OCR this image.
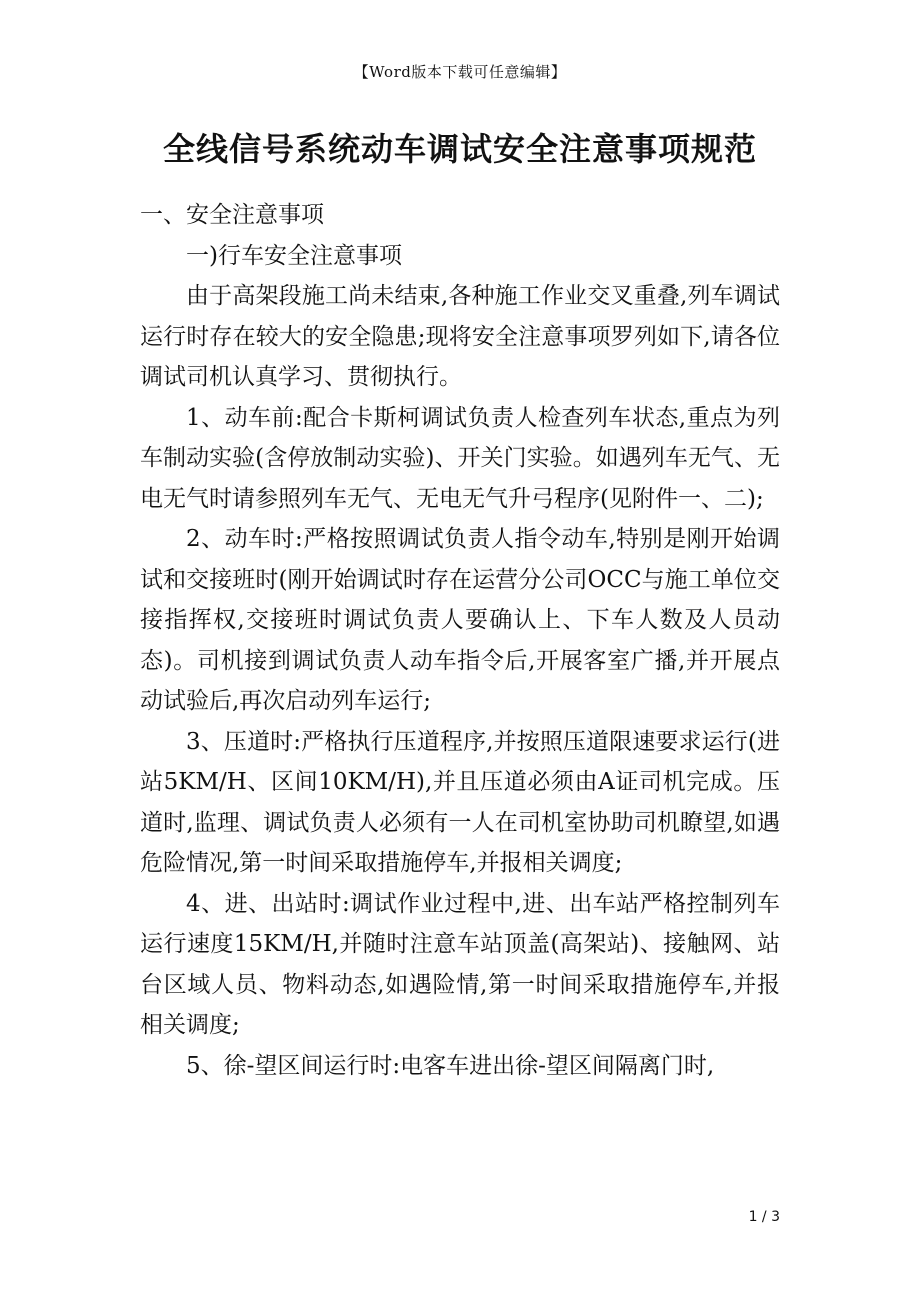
【Word版本下载可任意编辑】
全线信号系统动车调试安全注意事项规范

一、安全注意事项

一)行车安全注意事项

由于高架段施工尚未结束,各种施工作业交叉重叠,列车调试运行时存在较大的安全隐患;现将安全注意事项罗列如下,请各位调试司机认真学习、贯彻执行。

1、动车前:配合卡斯柯调试负责人检查列车状态,重点为列车制动实验(含停放制动实验)、开关门实验。如遇列车无气、无电无气时请参照列车无气、无电无气升弓程序(见附件一、二);

2、动车时:严格按照调试负责人指令动车,特别是刚开始调试和交接班时(刚开始调试时存在运营分公司OCC与施工单位交接指挥权,交接班时调试负责人要确认上、下车人数及人员动态)。司机接到调试负责人动车指令后,开展客室广播,并开展点动试验后,再次启动列车运行;

3、压道时:严格执行压道程序,并按照压道限速要求运行(进站5KM/H、区间10KM/H),并且压道必须由A证司机完成。压道时,监理、调试负责人必须有一人在司机室协助司机瞭望,如遇危险情况,第一时间采取措施停车,并报相关调度;

4、进、出站时:调试作业过程中,进、出车站严格控制列车运行速度15KM/H,并随时注意车站顶盖(高架站)、接触网、站台区域人员、物料动态,如遇险情,第一时间采取措施停车,并报相关调度;

5、徐-望区间运行时:电客车进出徐-望区间隔离门时,

1 / 3
